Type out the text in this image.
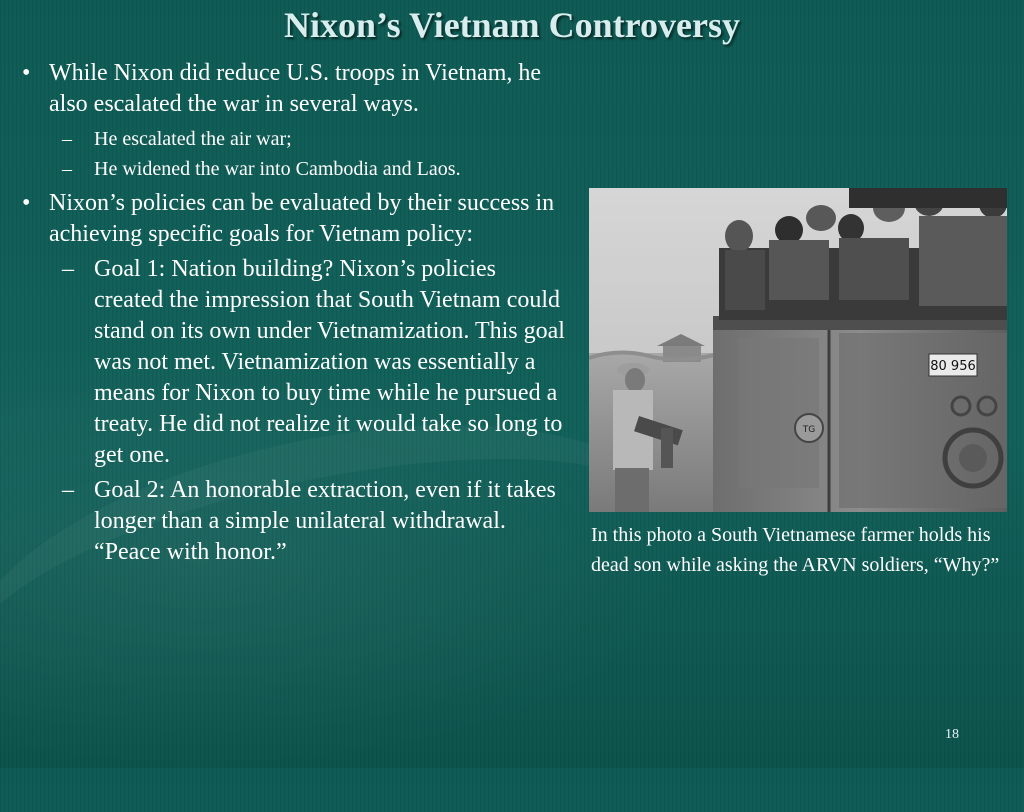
Nixon’s Vietnam Controversy
• While Nixon did reduce U.S. troops in Vietnam, he also escalated the war in several ways.
–	He escalated the air war;
–	He widened the war into Cambodia and Laos.
• Nixon’s policies can be evaluated by their success in achieving specific goals for Vietnam policy:
– Goal 1: Nation building? Nixon’s policies created the impression that South Vietnam could stand on its own under Vietnamization. This goal was not met. Vietnamization was essentially a means for Nixon to buy time while he pursued a treaty. He did not realize it would take so long to get one.
– Goal 2: An honorable extraction, even if it takes longer than a simple unilateral withdrawal. “Peace with honor.”
80 956
TG
In this photo a South Vietnamese farmer holds his dead son while asking the ARVN soldiers, “Why?”
18
